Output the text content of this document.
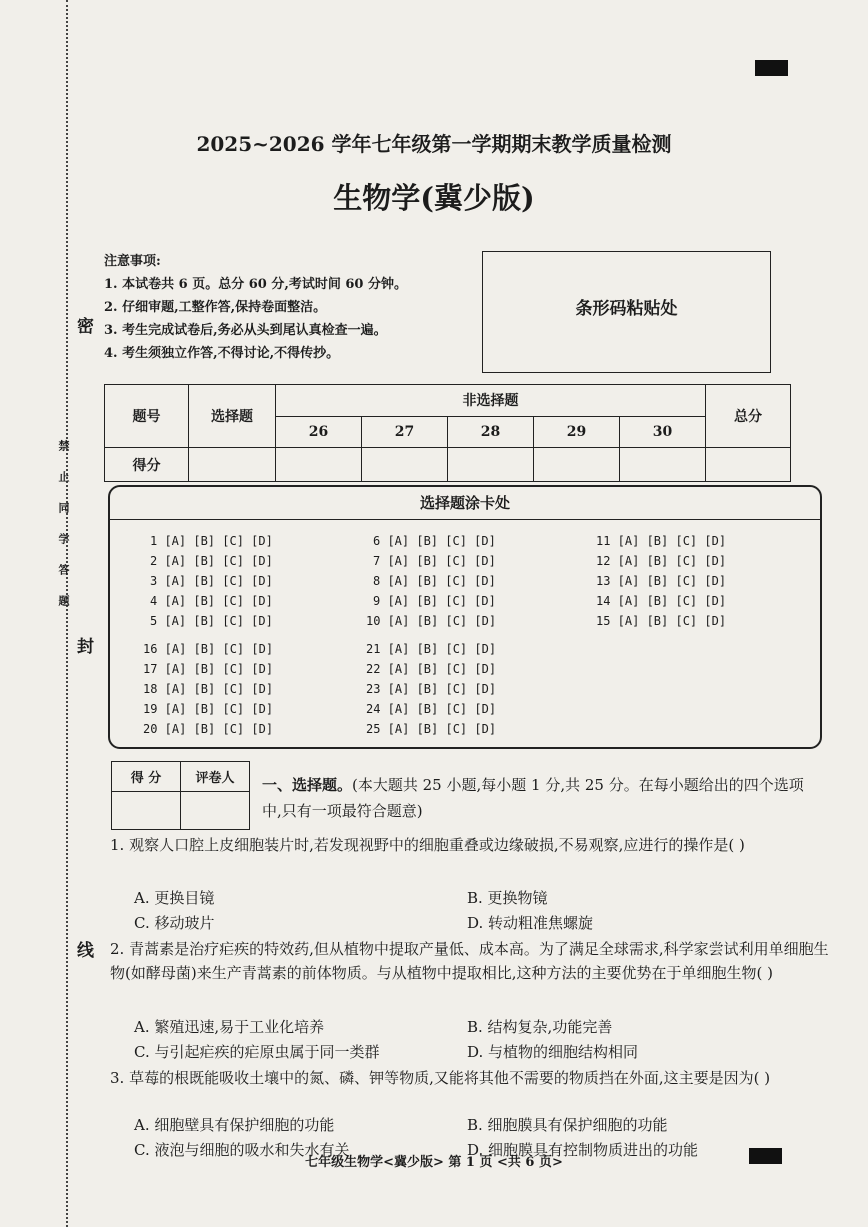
密
封
线
禁止同学答题
2025~2026 学年七年级第一学期期末教学质量检测
生物学(冀少版)
注意事项:
1. 本试卷共 6 页。总分 60 分,考试时间 60 分钟。
2. 仔细审题,工整作答,保持卷面整洁。
3. 考生完成试卷后,务必从头到尾认真检查一遍。
4. 考生须独立作答,不得讨论,不得传抄。
条形码粘贴处
题号	选择题	非选择题					总分
		26	27	28	29	30	
得分							
选择题涂卡处
1 [A] [B] [C] [D]
2 [A] [B] [C] [D]
3 [A] [B] [C] [D]
4 [A] [B] [C] [D]
5 [A] [B] [C] [D]
6 [A] [B] [C] [D]
7 [A] [B] [C] [D]
8 [A] [B] [C] [D]
9 [A] [B] [C] [D]
10 [A] [B] [C] [D]
11 [A] [B] [C] [D]
12 [A] [B] [C] [D]
13 [A] [B] [C] [D]
14 [A] [B] [C] [D]
15 [A] [B] [C] [D]
16 [A] [B] [C] [D]
17 [A] [B] [C] [D]
18 [A] [B] [C] [D]
19 [A] [B] [C] [D]
20 [A] [B] [C] [D]
21 [A] [B] [C] [D]
22 [A] [B] [C] [D]
23 [A] [B] [C] [D]
24 [A] [B] [C] [D]
25 [A] [B] [C] [D]
得 分	评卷人
	一、选择题。(本大题共 25 小题,每小题 1 分,共 25 分。在每小题给出的四个选项中,只有一项最符合题意)
1. 观察人口腔上皮细胞装片时,若发现视野中的细胞重叠或边缘破损,不易观察,应进行的操作是( )
A. 更换目镜	B. 更换物镜
C. 移动玻片	D. 转动粗准焦螺旋
2. 青蒿素是治疗疟疾的特效药,但从植物中提取产量低、成本高。为了满足全球需求,科学家尝试利用单细胞生物(如酵母菌)来生产青蒿素的前体物质。与从植物中提取相比,这种方法的主要优势在于单细胞生物( )
A. 繁殖迅速,易于工业化培养	B. 结构复杂,功能完善
C. 与引起疟疾的疟原虫属于同一类群	D. 与植物的细胞结构相同
3. 草莓的根既能吸收土壤中的氮、磷、钾等物质,又能将其他不需要的物质挡在外面,这主要是因为( )
A. 细胞壁具有保护细胞的功能	B. 细胞膜具有保护细胞的功能
C. 液泡与细胞的吸水和失水有关	D. 细胞膜具有控制物质进出的功能
七年级生物学<冀少版> 第 1 页 <共 6 页>
